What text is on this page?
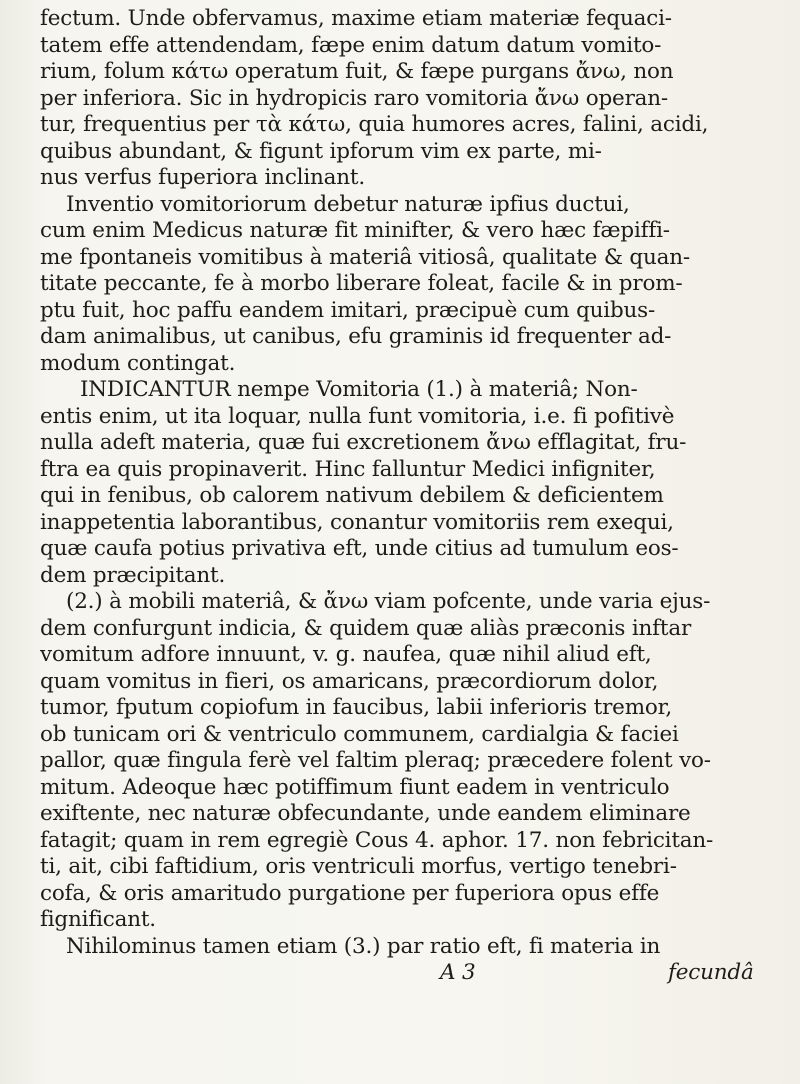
fectum. Unde obfervamus, maxime etiam materiæ fequaci-
tatem effe attendendam, fæpe enim datum datum vomito-
rium, folum κάτω operatum fuit, & fæpe purgans ἄνω, non
per inferiora. Sic in hydropicis raro vomitoria ἄνω operan-
tur, frequentius per τὰ κάτω, quia humores acres, falini, acidi,
quibus abundant, & figunt ipforum vim ex parte, mi-
nus verfus fuperiora inclinant.
Inventio vomitoriorum debetur naturæ ipfius ductui,
cum enim Medicus naturæ fit minifter, & vero hæc fæpiffi-
me fpontaneis vomitibus à materiâ vitiosâ, qualitate & quan-
titate peccante, fe à morbo liberare foleat, facile & in prom-
ptu fuit, hoc paffu eandem imitari, præcipuè cum quibus-
dam animalibus, ut canibus, efu graminis id frequenter ad-
modum contingat.
INDICANTUR nempe Vomitoria (1.) à materiâ; Non-
entis enim, ut ita loquar, nulla funt vomitoria, i.e. fi pofitivè
nulla adeft materia, quæ fui excretionem ἄνω efflagitat, fru-
ftra ea quis propinaverit. Hinc falluntur Medici infigniter,
qui in fenibus, ob calorem nativum debilem & deficientem
inappetentia laborantibus, conantur vomitoriis rem exequi,
quæ caufa potius privativa eft, unde citius ad tumulum eos-
dem præcipitant.
(2.) à mobili materiâ, & ἄνω viam pofcente, unde varia ejus-
dem confurgunt indicia, & quidem quæ aliàs præconis inftar
vomitum adfore innuunt, v. g. naufea, quæ nihil aliud eft,
quam vomitus in fieri, os amaricans, præcordiorum dolor,
tumor, fputum copiofum in faucibus, labii inferioris tremor,
ob tunicam ori & ventriculo communem, cardialgia & faciei
pallor, quæ fingula ferè vel faltim pleraq; præcedere folent vo-
mitum. Adeoque hæc potiffimum fiunt eadem in ventriculo
exiftente, nec naturæ obfecundante, unde eandem eliminare
fatagit; quam in rem egregiè Cous 4. aphor. 17. non febricitan-
ti, ait, cibi faftidium, oris ventriculi morfus, vertigo tenebri-
cofa, & oris amaritudo purgatione per fuperiora opus effe
fignificant.
Nihilominus tamen etiam (3.) par ratio eft, fi materia in
A 3	fecundâ
